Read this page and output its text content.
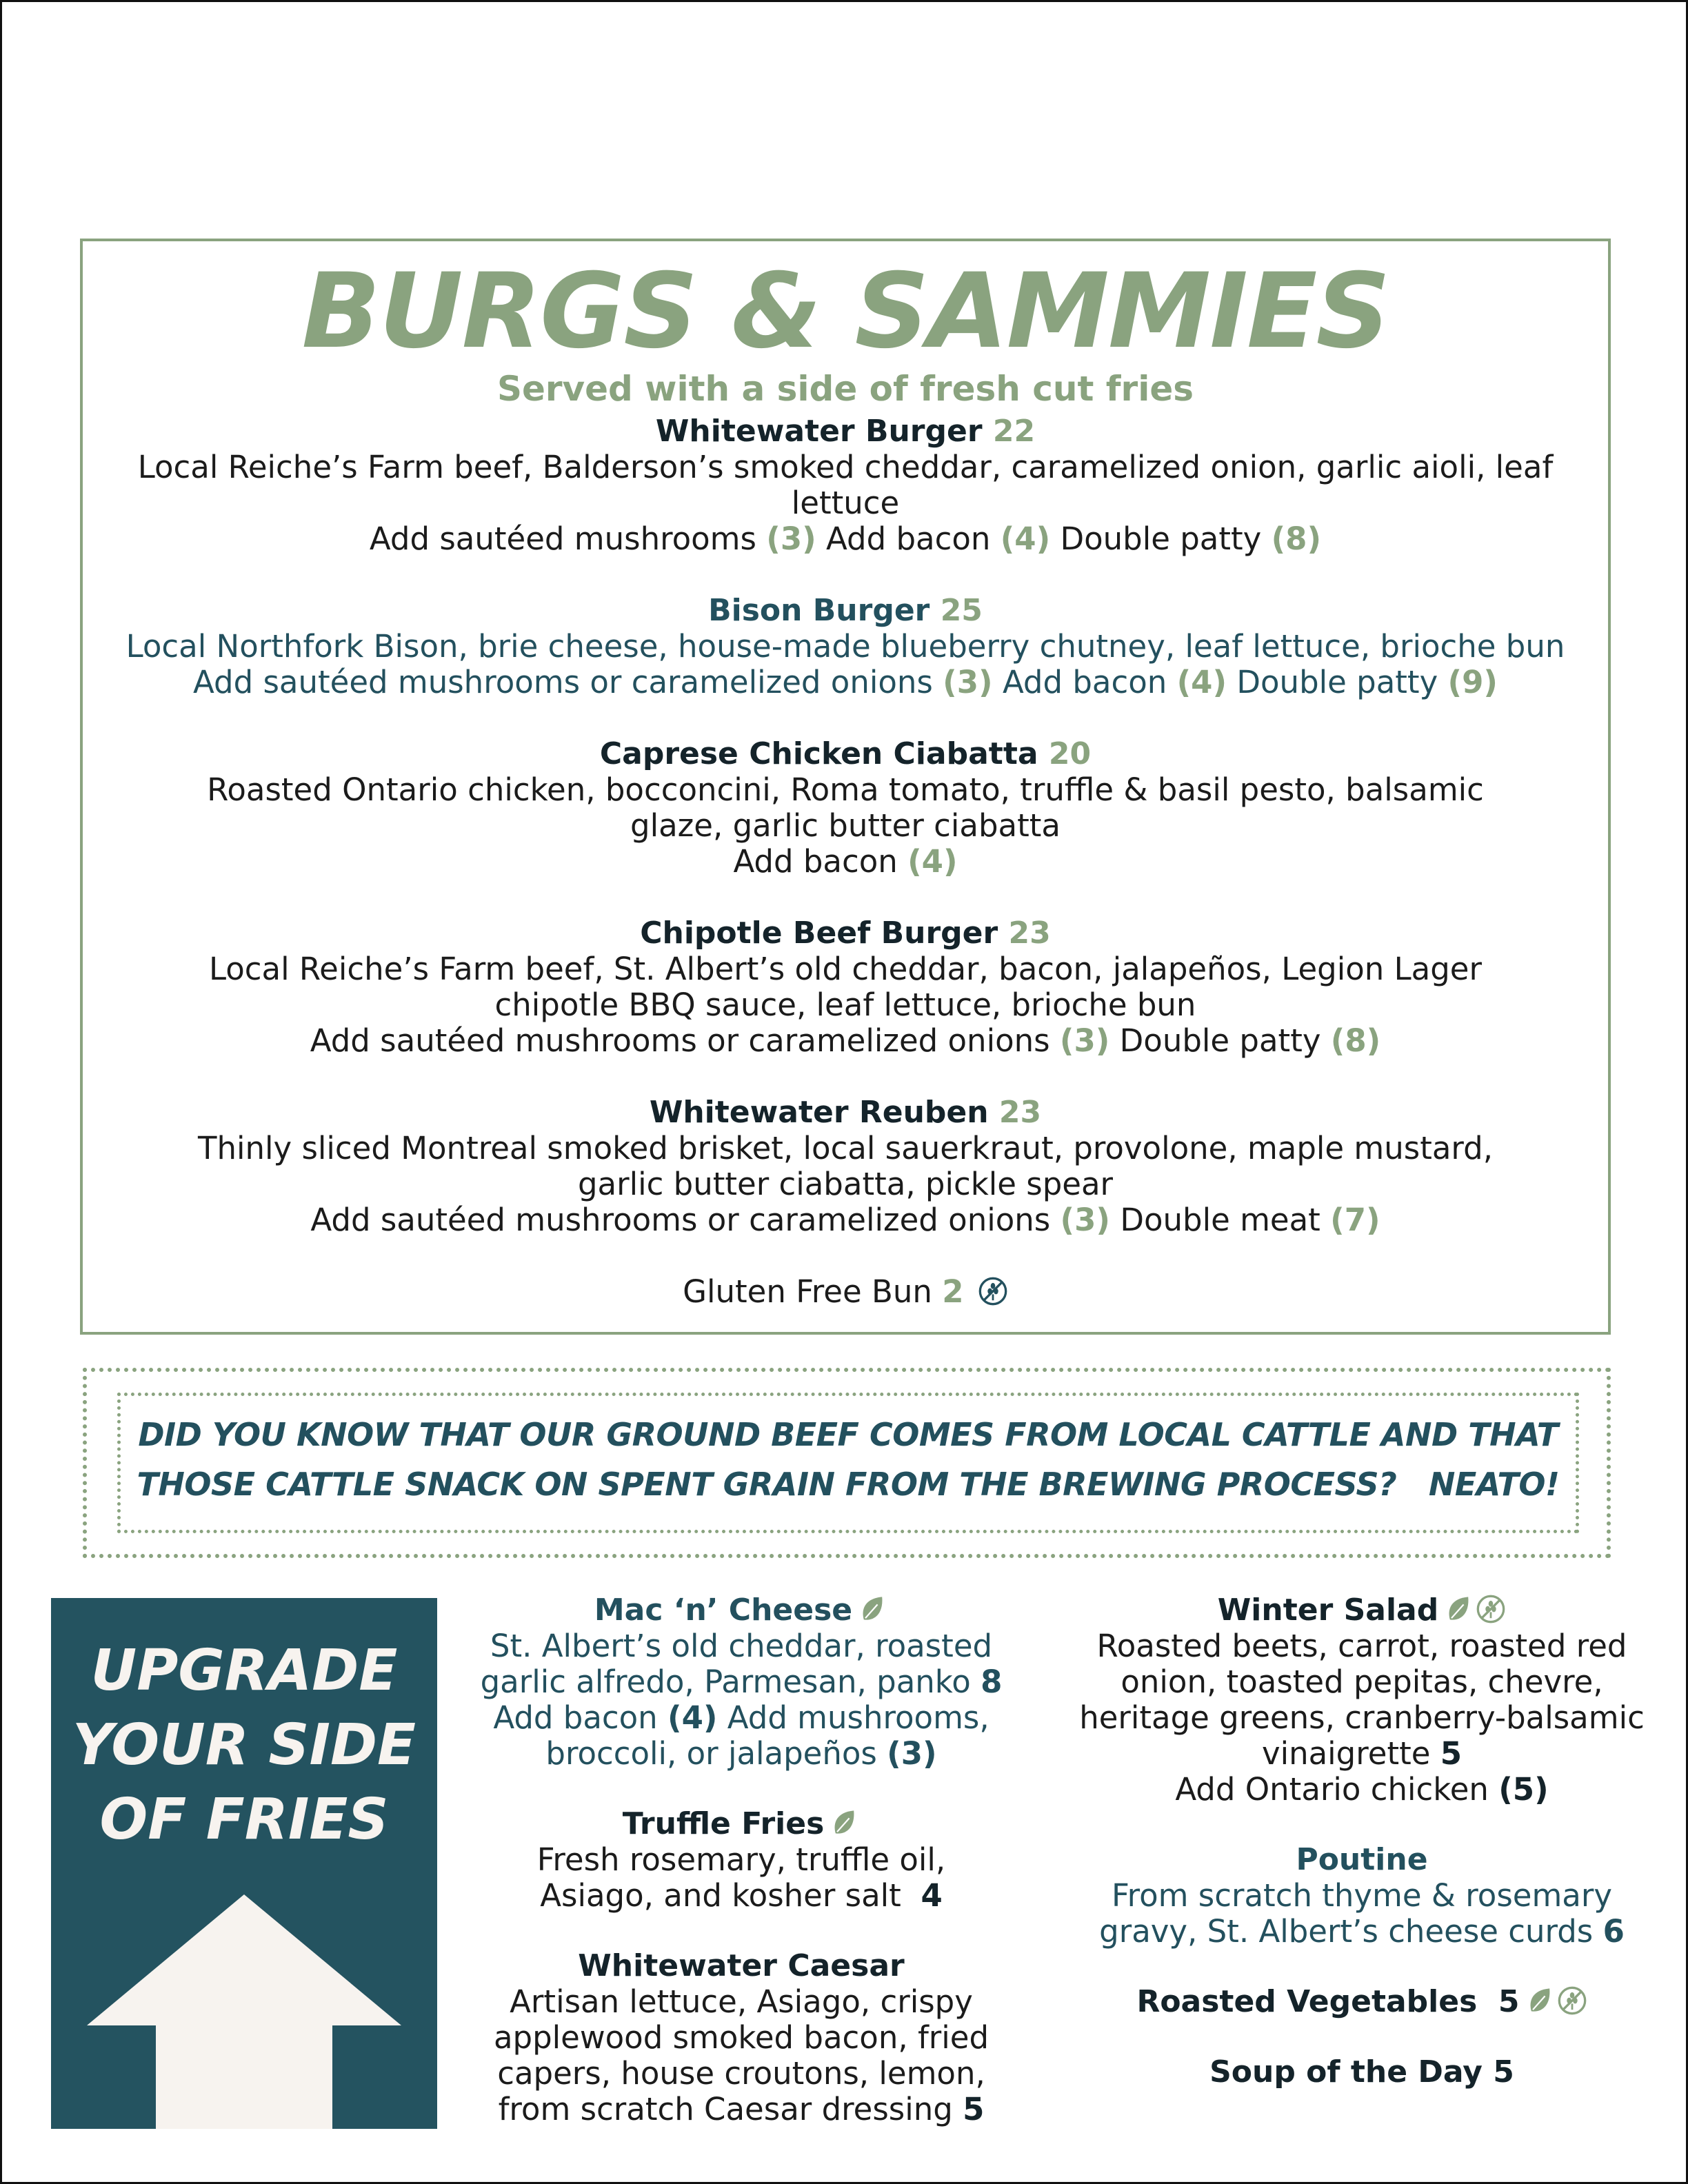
BURGS & SAMMIES
Served with a side of fresh cut fries
Whitewater Burger 22
Local Reiche’s Farm beef, Balderson’s smoked cheddar, caramelized onion, garlic aioli, leaf lettuce
Add sautéed mushrooms (3) Add bacon (4) Double patty (8)
Bison Burger 25
Local Northfork Bison, brie cheese, house-made blueberry chutney, leaf lettuce, brioche bun
Add sautéed mushrooms or caramelized onions (3) Add bacon (4) Double patty (9)
Caprese Chicken Ciabatta 20
Roasted Ontario chicken, bocconcini, Roma tomato, truffle & basil pesto, balsamic glaze, garlic butter ciabatta
Add bacon (4)
Chipotle Beef Burger 23
Local Reiche’s Farm beef, St. Albert’s old cheddar, bacon, jalapeños, Legion Lager chipotle BBQ sauce, leaf lettuce, brioche bun
Add sautéed mushrooms or caramelized onions (3) Double patty (8)
Whitewater Reuben 23
Thinly sliced Montreal smoked brisket, local sauerkraut, provolone, maple mustard, garlic butter ciabatta, pickle spear
Add sautéed mushrooms or caramelized onions (3) Double meat (7)
Gluten Free Bun 2
DID YOU KNOW THAT OUR GROUND BEEF COMES FROM LOCAL CATTLE AND THAT
THOSE CATTLE SNACK ON SPENT GRAIN FROM THE BREWING PROCESS?   NEATO!
UPGRADE
YOUR SIDE
OF FRIES
Mac ‘n’ Cheese
St. Albert’s old cheddar, roasted garlic alfredo, Parmesan, panko 8
Add bacon (4) Add mushrooms, broccoli, or jalapeños (3)
Truffle Fries
Fresh rosemary, truffle oil, Asiago, and kosher salt 4
Whitewater Caesar
Artisan lettuce, Asiago, crispy applewood smoked bacon, fried capers, house croutons, lemon, from scratch Caesar dressing 5
Winter Salad
Roasted beets, carrot, roasted red onion, toasted pepitas, chevre, heritage greens, cranberry-balsamic vinaigrette 5
Add Ontario chicken (5)
Poutine
From scratch thyme & rosemary gravy, St. Albert’s cheese curds 6
Roasted Vegetables 5
Soup of the Day 5
